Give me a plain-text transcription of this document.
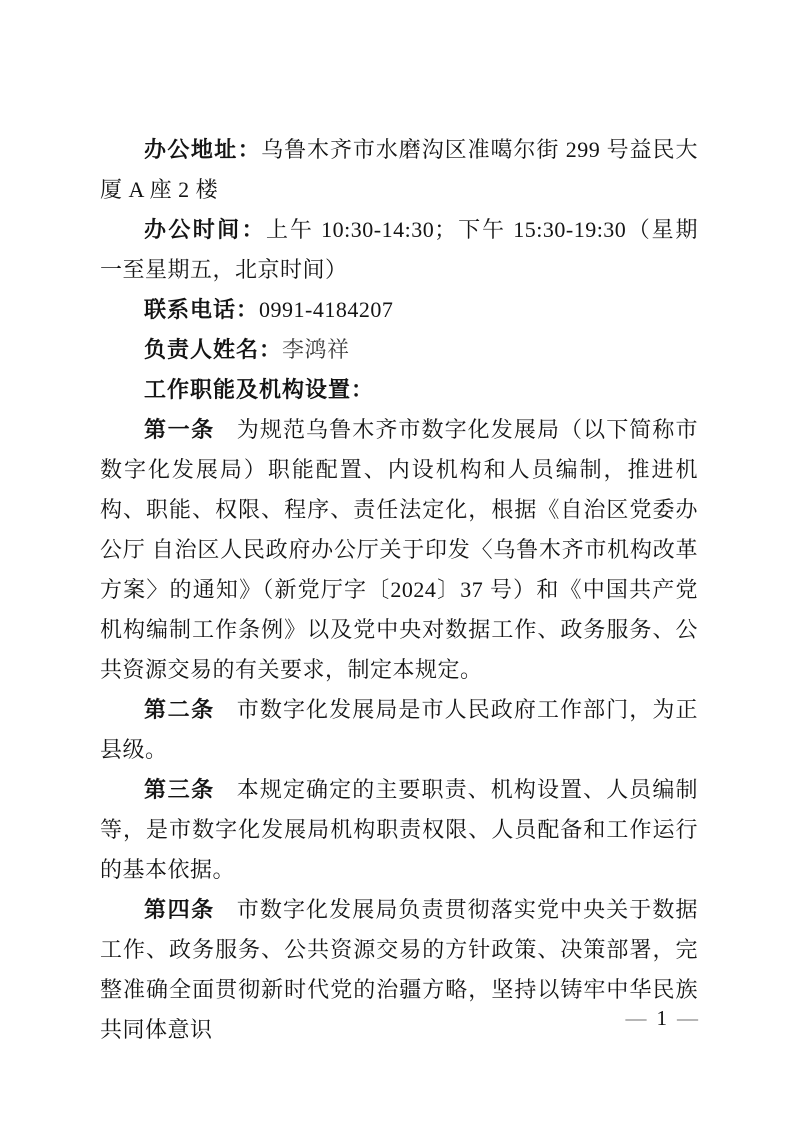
办公地址：乌鲁木齐市水磨沟区准噶尔街 299 号益民大厦 A 座 2 楼

办公时间：上午 10:30-14:30；下午 15:30-19:30（星期一至星期五，北京时间）

联系电话：0991-4184207

负责人姓名：李鸿祥

工作职能及机构设置：

第一条 为规范乌鲁木齐市数字化发展局（以下简称市数字化发展局）职能配置、内设机构和人员编制，推进机构、职能、权限、程序、责任法定化，根据《自治区党委办公厅 自治区人民政府办公厅关于印发〈乌鲁木齐市机构改革方案〉的通知》（新党厅字〔2024〕37 号）和《中国共产党机构编制工作条例》以及党中央对数据工作、政务服务、公共资源交易的有关要求，制定本规定。

第二条 市数字化发展局是市人民政府工作部门，为正县级。

第三条 本规定确定的主要职责、机构设置、人员编制等，是市数字化发展局机构职责权限、人员配备和工作运行的基本依据。

第四条 市数字化发展局负责贯彻落实党中央关于数据工作、政务服务、公共资源交易的方针政策、决策部署，完整准确全面贯彻新时代党的治疆方略，坚持以铸牢中华民族共同体意识	— 1 —
